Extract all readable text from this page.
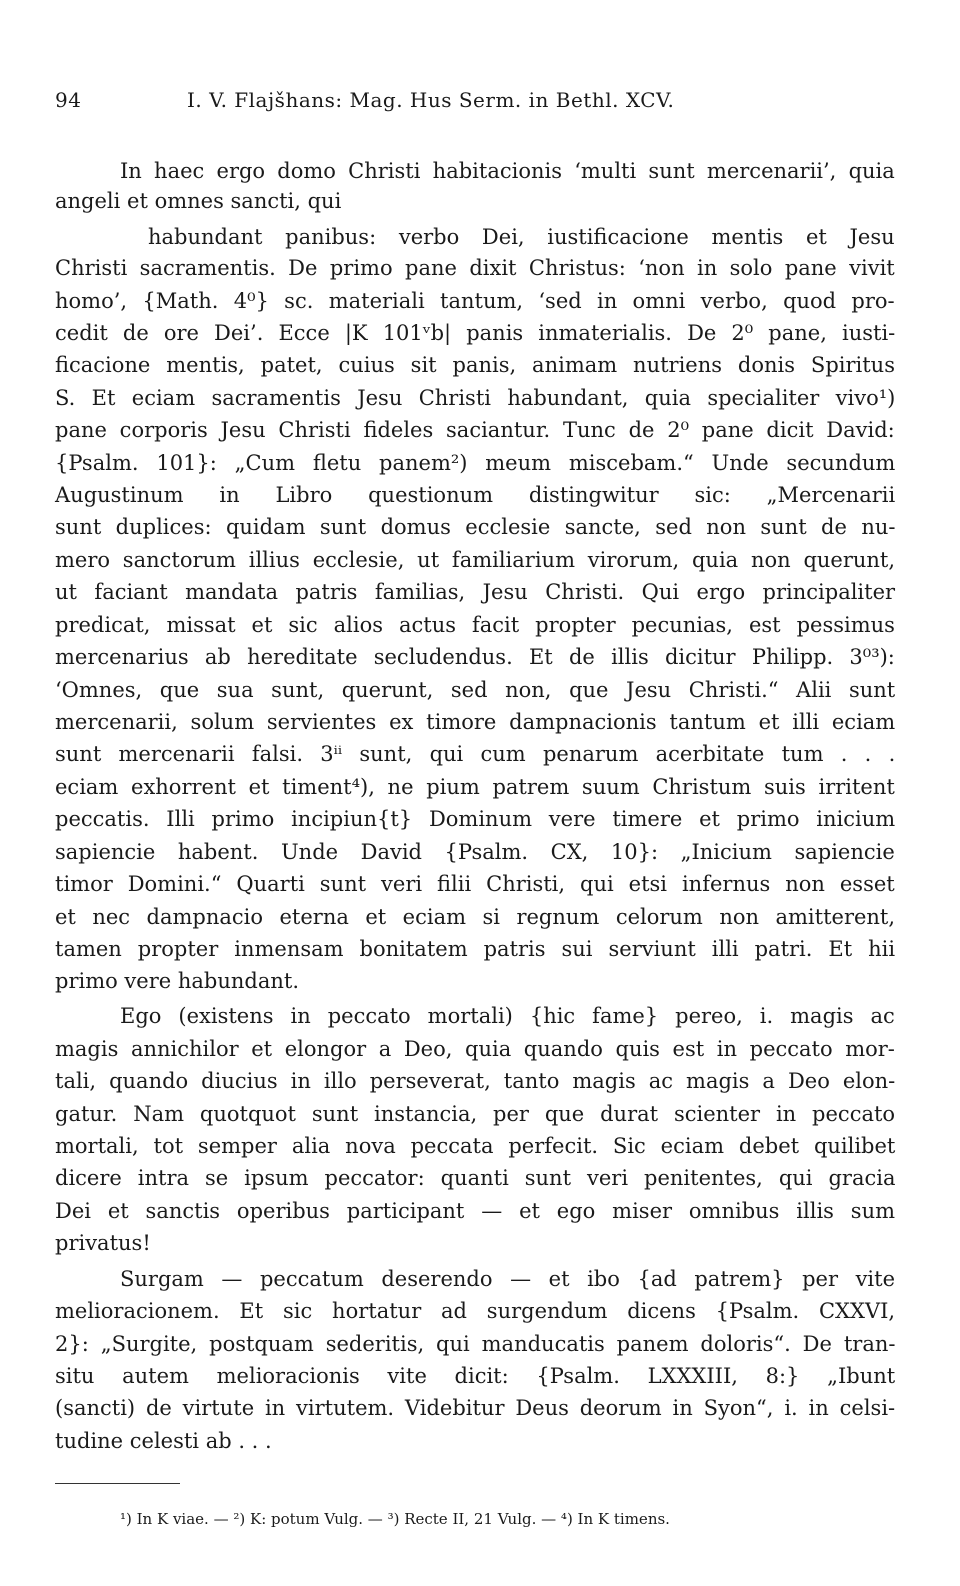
94	I. V. Flajšhans: Mag. Hus Serm. in Bethl. XCV.
In haec ergo domo Christi habitacionis ‘multi sunt mercenarii’, quia
angeli et omnes sancti, qui
habundant panibus: verbo Dei, iustificacione mentis et Jesu
Christi sacramentis. De primo pane dixit Christus: ‘non in solo pane vivit
homo’, {Math. 4⁰} sc. materiali tantum, ‘sed in omni verbo, quod pro-
cedit de ore Dei’. Ecce |K 101ᵛb| panis inmaterialis. De 2⁰ pane, iusti-
ficacione mentis, patet, cuius sit panis, animam nutriens donis Spiritus
S. Et eciam sacramentis Jesu Christi habundant, quia specialiter vivo¹)
pane corporis Jesu Christi fideles saciantur. Tunc de 2⁰ pane dicit David:
{Psalm. 101}: „Cum fletu panem²) meum miscebam.“ Unde secundum
Augustinum in Libro questionum distingwitur sic: „Mercenarii
sunt duplices: quidam sunt domus ecclesie sancte, sed non sunt de nu-
mero sanctorum illius ecclesie, ut familiarium virorum, quia non querunt,
ut faciant mandata patris familias, Jesu Christi. Qui ergo principaliter
predicat, missat et sic alios actus facit propter pecunias, est pessimus
mercenarius ab hereditate secludendus. Et de illis dicitur Philipp. 3⁰³):
‘Omnes, que sua sunt, querunt, sed non, que Jesu Christi.“ Alii sunt
mercenarii, solum servientes ex timore dampnacionis tantum et illi eciam
sunt mercenarii falsi. 3ⁱⁱ sunt, qui cum penarum acerbitate tum . . .
eciam exhorrent et timent⁴), ne pium patrem suum Christum suis irritent
peccatis. Illi primo incipiun{t} Dominum vere timere et primo inicium
sapiencie habent. Unde David {Psalm. CX, 10}: „Inicium sapiencie
timor Domini.“ Quarti sunt veri filii Christi, qui etsi infernus non esset
et nec dampnacio eterna et eciam si regnum celorum non amitterent,
tamen propter inmensam bonitatem patris sui serviunt illi patri. Et hii
primo vere habundant.
Ego (existens in peccato mortali) {hic fame} pereo, i. magis ac
magis annichilor et elongor a Deo, quia quando quis est in peccato mor-
tali, quando diucius in illo perseverat, tanto magis ac magis a Deo elon-
gatur. Nam quotquot sunt instancia, per que durat scienter in peccato
mortali, tot semper alia nova peccata perfecit. Sic eciam debet quilibet
dicere intra se ipsum peccator: quanti sunt veri penitentes, qui gracia
Dei et sanctis operibus participant — et ego miser omnibus illis sum
privatus!
Surgam — peccatum deserendo — et ibo {ad patrem} per vite
melioracionem. Et sic hortatur ad surgendum dicens {Psalm. CXXVI,
2}: „Surgite, postquam sederitis, qui manducatis panem doloris“. De tran-
situ autem melioracionis vite dicit: {Psalm. LXXXIII, 8:} „Ibunt
(sancti) de virtute in virtutem. Videbitur Deus deorum in Syon“, i. in celsi-
tudine celesti ab . . .
¹) In K viae. — ²) K: potum Vulg. — ³) Recte II, 21 Vulg. — ⁴) In K timens.
